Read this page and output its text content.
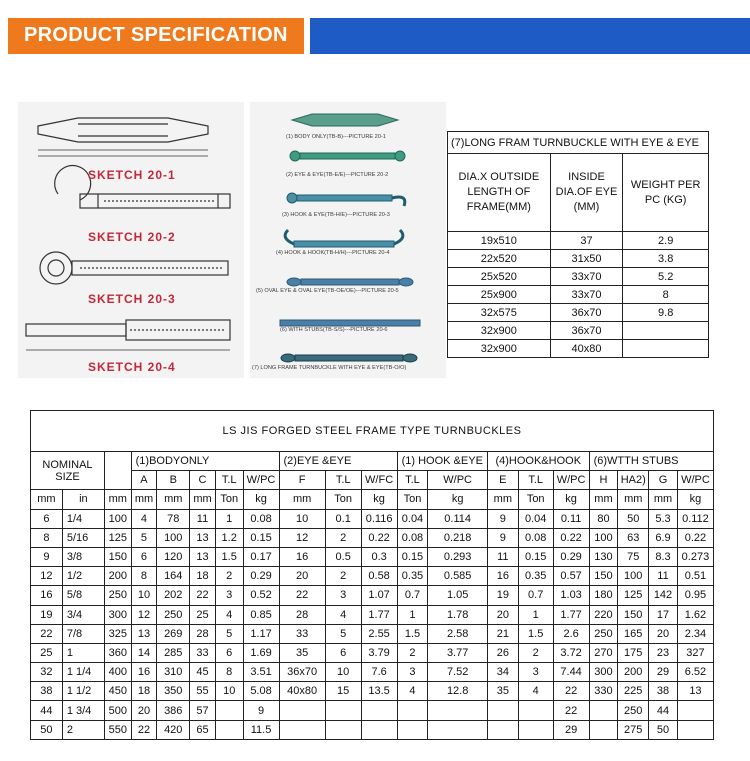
PRODUCT SPECIFICATION
SKETCH 20-1
SKETCH 20-2
SKETCH 20-3
SKETCH 20-4
(1) BODY ONLY(TB-B)---PICTURE 20-1
(2) EYE & EYE(TB-E/E)---PICTURE 20-2
(3) HOOK & EYE(TB-H/E)---PICTURE 20-3
(4) HOOK & HOOK(TB-H/H)---PICTURE 20-4
(5) OVAL EYE & OVAL EYE(TB-OE/OE)---PICTURE 20-5
(6) WITH STUBS(TB-S/S)---PICTURE 20-6
(7) LONG FRAME TURNBUCKLE WITH EYE & EYE(TB-O/O)
(7)LONG FRAM TURNBUCKLE WITH EYE & EYE		
DIA.X OUTSIDE LENGTH OF FRAME(MM)	INSIDE DIA.OF EYE (MM)	WEIGHT PER PC (KG)
19x510	37	2.9
22x520	31x50	3.8
25x520	33x70	5.2
25x900	33x70	8
32x575	36x70	9.8
32x900	36x70	
32x900	40x80	
LS JIS FORGED STEEL FRAME TYPE TURNBUCKLES																			
NOMINAL SIZE			(1)BODYONLY					(2)EYE &EYE			(1) HOOK &EYE		(4)HOOK&HOOK			(6)WTTH STUBS			
			A	B	C	T.L	W/PC	F	T.L	W/FC	T.L	W/PC	E	T.L	W/PC	H	HA2)	G	W/PC
mm	in	mm	mm	mm	mm	Ton	kg	mm	Ton	kg	Ton	kg	mm	Ton	kg	mm	mm	mm	kg
6	1/4	100	4	78	11	1	0.08	10	0.1	0.116	0.04	0.114	9	0.04	0.11	80	50	5.3	0.112
8	5/16	125	5	100	13	1.2	0.15	12	2	0.22	0.08	0.218	9	0.08	0.22	100	63	6.9	0.22
9	3/8	150	6	120	13	1.5	0.17	16	0.5	0.3	0.15	0.293	11	0.15	0.29	130	75	8.3	0.273
12	1/2	200	8	164	18	2	0.29	20	2	0.58	0.35	0.585	16	0.35	0.57	150	100	11	0.51
16	5/8	250	10	202	22	3	0.52	22	3	1.07	0.7	1.05	19	0.7	1.03	180	125	142	0.95
19	3/4	300	12	250	25	4	0.85	28	4	1.77	1	1.78	20	1	1.77	220	150	17	1.62
22	7/8	325	13	269	28	5	1.17	33	5	2.55	1.5	2.58	21	1.5	2.6	250	165	20	2.34
25	1	360	14	285	33	6	1.69	35	6	3.79	2	3.77	26	2	3.72	270	175	23	327
32	1 1/4	400	16	310	45	8	3.51	36x70	10	7.6	3	7.52	34	3	7.44	300	200	29	6.52
38	1 1/2	450	18	350	55	10	5.08	40x80	15	13.5	4	12.8	35	4	22	330	225	38	13
44	1 3/4	500	20	386	57		9								22		250	44	
50	2	550	22	420	65		11.5								29		275	50	
